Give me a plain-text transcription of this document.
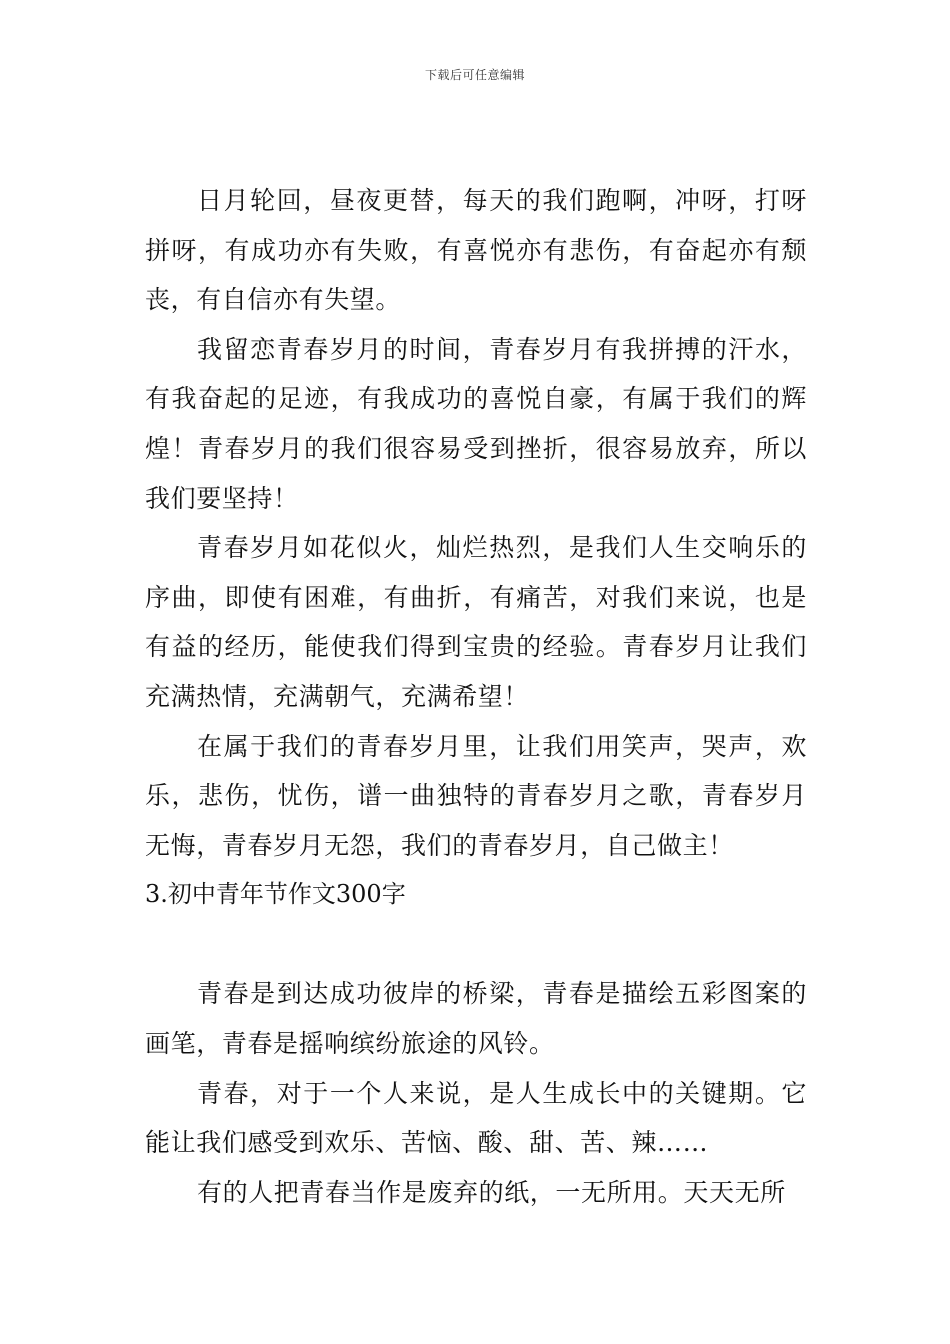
下载后可任意编辑

日月轮回，昼夜更替，每天的我们跑啊，冲呀，打呀拼呀，有成功亦有失败，有喜悦亦有悲伤，有奋起亦有颓丧，有自信亦有失望。

我留恋青春岁月的时间，青春岁月有我拼搏的汗水，有我奋起的足迹，有我成功的喜悦自豪，有属于我们的辉煌！青春岁月的我们很容易受到挫折，很容易放弃，所以我们要坚持！

青春岁月如花似火，灿烂热烈，是我们人生交响乐的序曲，即使有困难，有曲折，有痛苦，对我们来说，也是有益的经历，能使我们得到宝贵的经验。青春岁月让我们充满热情，充满朝气，充满希望！

在属于我们的青春岁月里，让我们用笑声，哭声，欢乐，悲伤，忧伤，谱一曲独特的青春岁月之歌，青春岁月无悔，青春岁月无怨，我们的青春岁月，自己做主！

3.初中青年节作文300字

青春是到达成功彼岸的桥梁，青春是描绘五彩图案的画笔，青春是摇响缤纷旅途的风铃。

青春，对于一个人来说，是人生成长中的关键期。它能让我们感受到欢乐、苦恼、酸、甜、苦、辣……

有的人把青春当作是废弃的纸，一无所用。天天无所
